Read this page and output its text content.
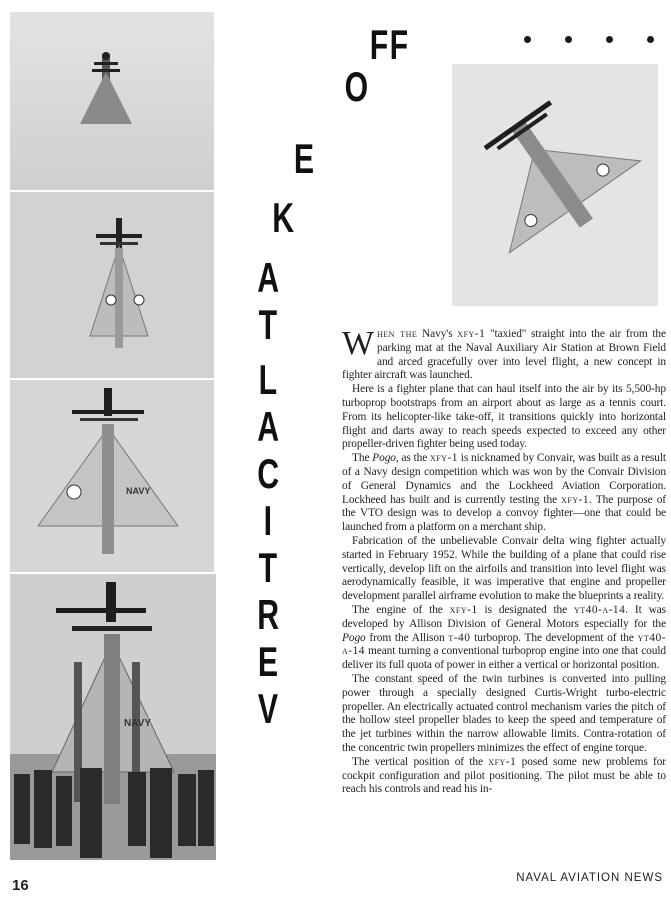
NAVY
NAVY
FF
O
E
K
A
T
L
A
C
I
T
R
E
V

When the Navy's xfy-1 "taxied" straight into the air from the parking mat at the Naval Auxiliary Air Station at Brown Field and arced gracefully over into level flight, a new concept in fighter aircraft was launched.

Here is a fighter plane that can haul itself into the air by its 5,500-hp turboprop bootstraps from an airport about as large as a tennis court. From its helicopter-like take-off, it transitions quickly into horizontal flight and darts away to reach speeds expected to exceed any other propeller-driven fighter being used today.

The Pogo, as the xfy-1 is nicknamed by Convair, was built as a result of a Navy design competition which was won by the Convair Division of General Dynamics and the Lockheed Aviation Corporation. Lockheed has built and is currently testing the xfy-1. The purpose of the VTO design was to develop a convoy fighter—one that could be launched from a platform on a merchant ship.

Fabrication of the unbelievable Convair delta wing fighter actually started in February 1952. While the building of a plane that could rise vertically, develop lift on the airfoils and transition into level flight was aerodynamically feasible, it was imperative that engine and propeller development parallel airframe evolution to make the blueprints a reality.

The engine of the xfy-1 is designated the yt40-a-14. It was developed by Allison Division of General Motors especially for the Pogo from the Allison t-40 turboprop. The development of the yt40-a-14 meant turning a conventional turboprop engine into one that could deliver its full quota of power in either a vertical or horizontal position.

The constant speed of the twin turbines is converted into pulling power through a specially designed Curtis-Wright turbo-electric propeller. An electrically actuated control mechanism varies the pitch of the hollow steel propeller blades to keep the speed and temperature of the jet turbines within the narrow allowable limits. Contra-rotation of the concentric twin propellers minimizes the effect of engine torque.

The vertical position of the xfy-1 posed some new problems for cockpit configuration and pilot positioning. The pilot must be able to reach his controls and read his in-

16	NAVAL AVIATION NEWS
